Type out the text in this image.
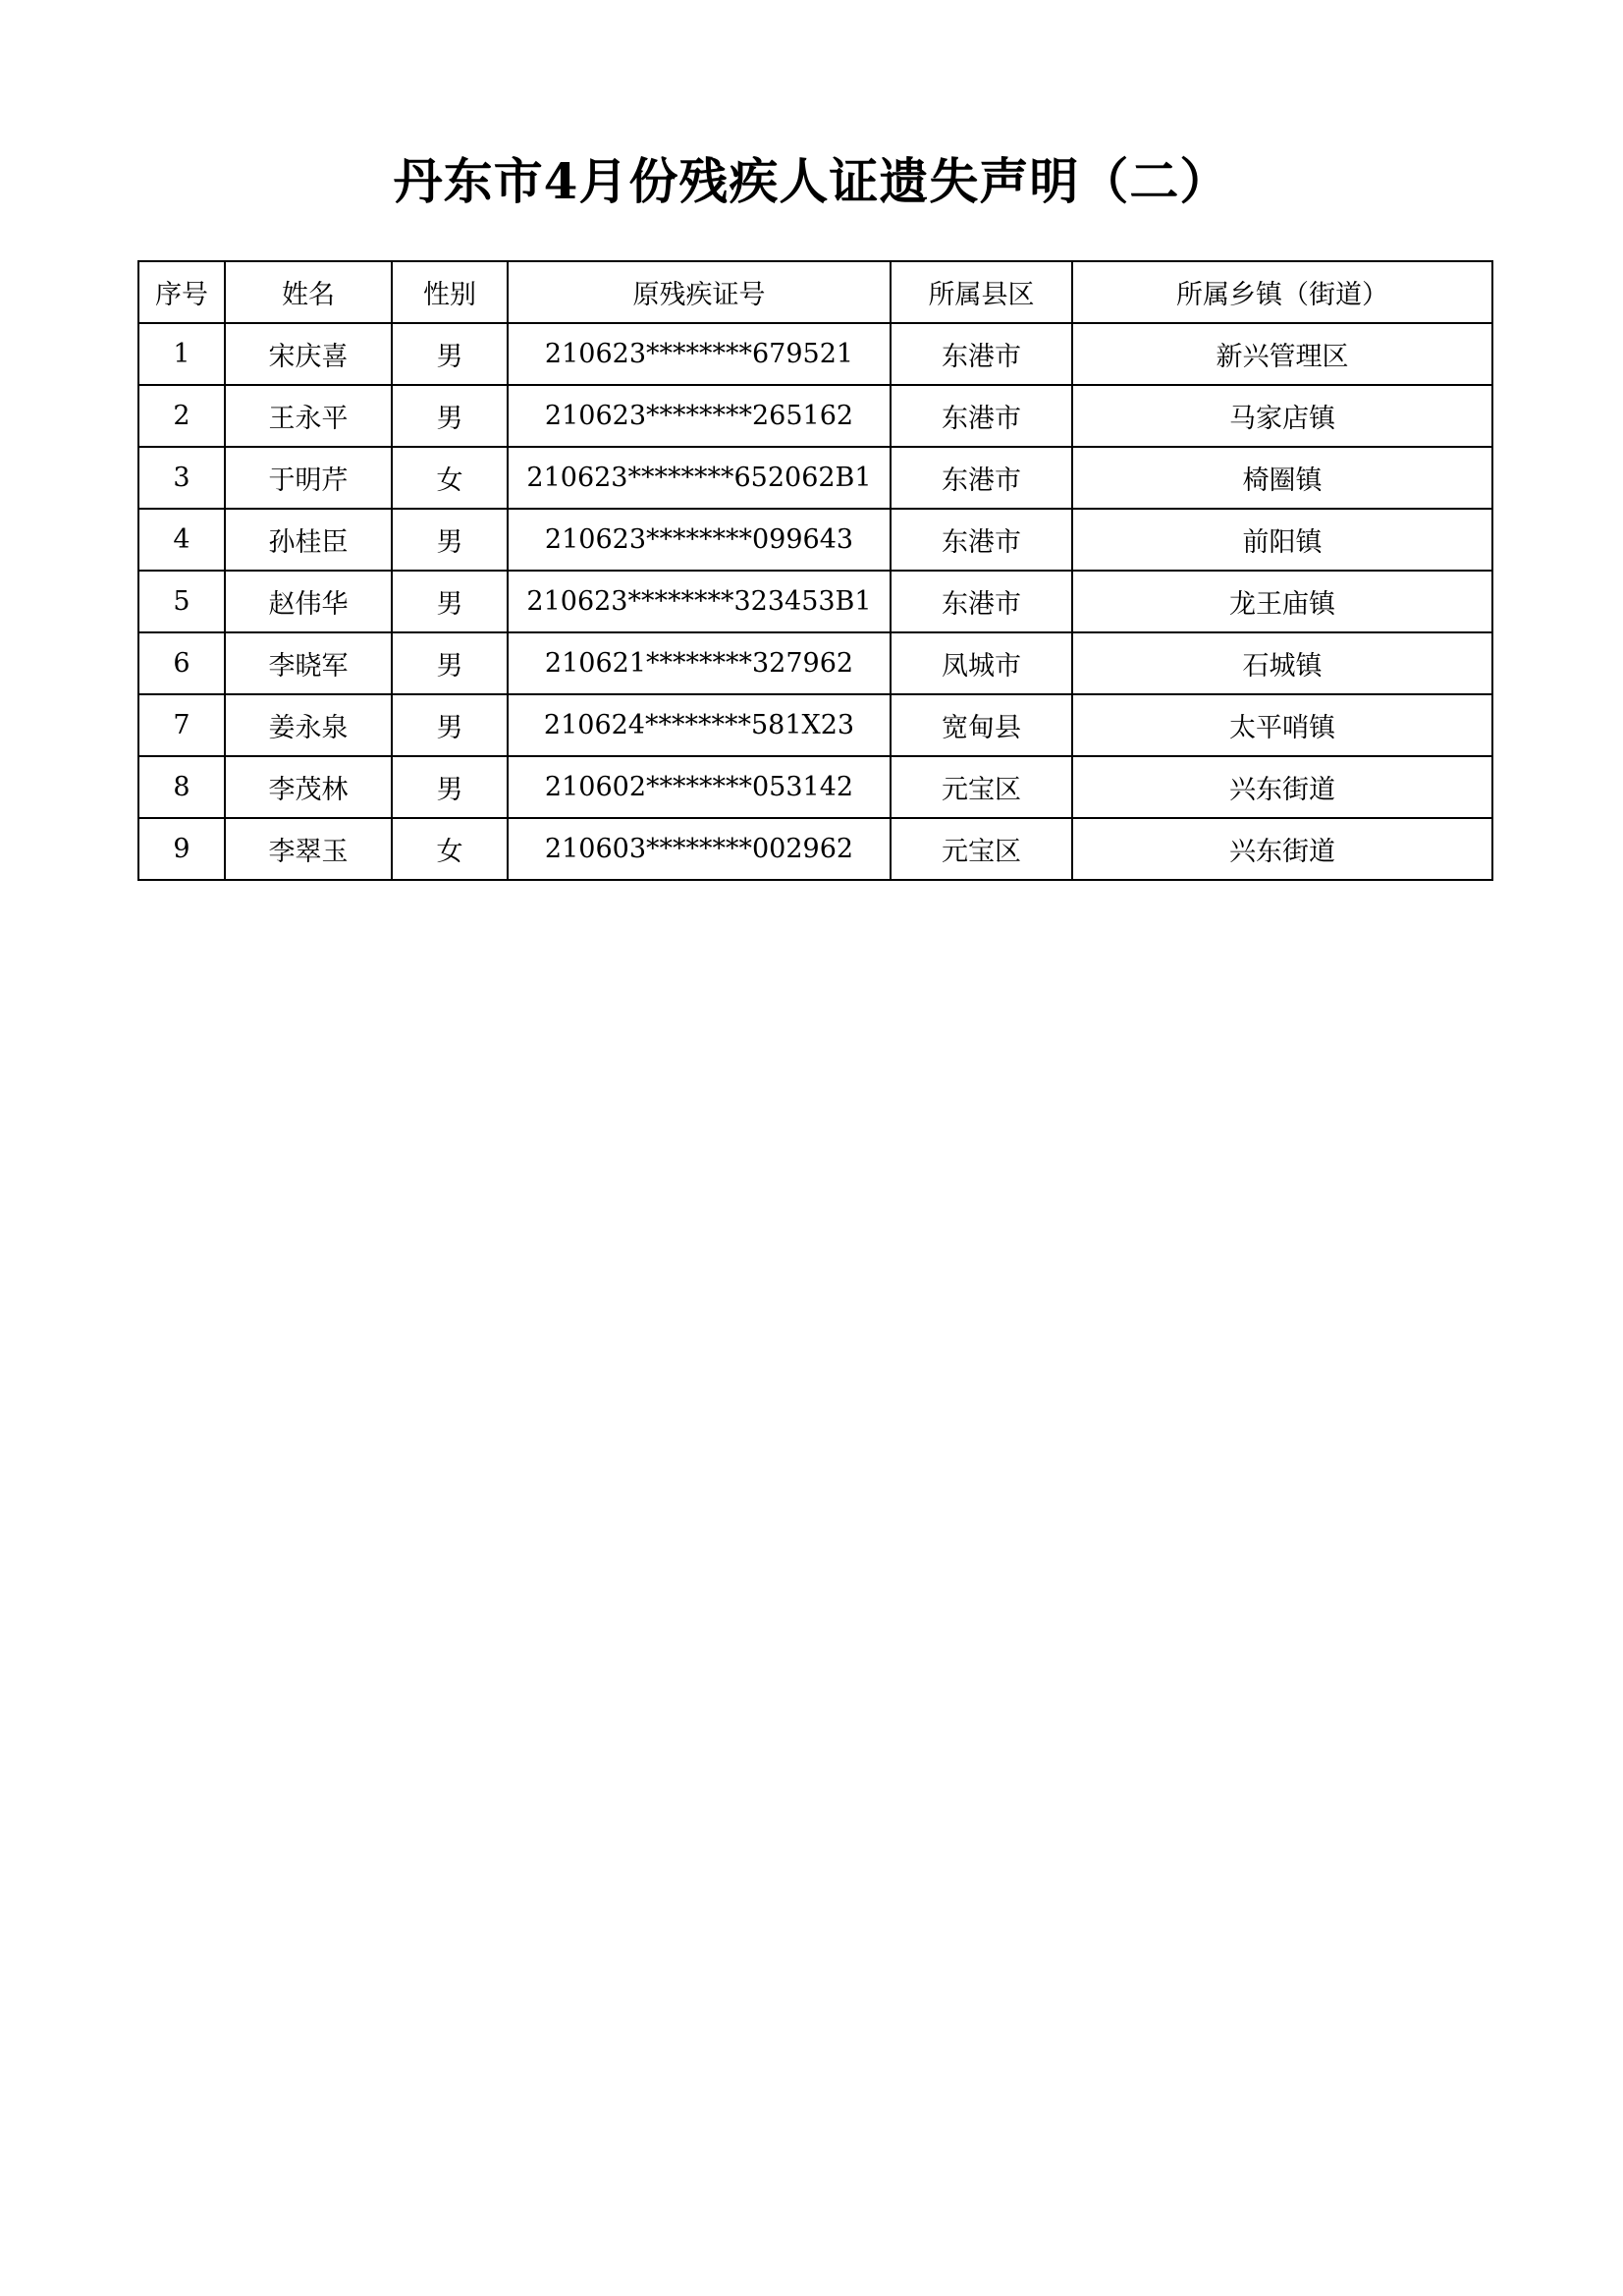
丹东市4月份残疾人证遗失声明（二）
序号	姓名	性别	原残疾证号	所属县区	所属乡镇（街道）
1	宋庆喜	男	210623********679521	东港市	新兴管理区
2	王永平	男	210623********265162	东港市	马家店镇
3	于明芹	女	210623********652062B1	东港市	椅圈镇
4	孙桂臣	男	210623********099643	东港市	前阳镇
5	赵伟华	男	210623********323453B1	东港市	龙王庙镇
6	李晓军	男	210621********327962	凤城市	石城镇
7	姜永泉	男	210624********581X23	宽甸县	太平哨镇
8	李茂林	男	210602********053142	元宝区	兴东街道
9	李翠玉	女	210603********002962	元宝区	兴东街道
